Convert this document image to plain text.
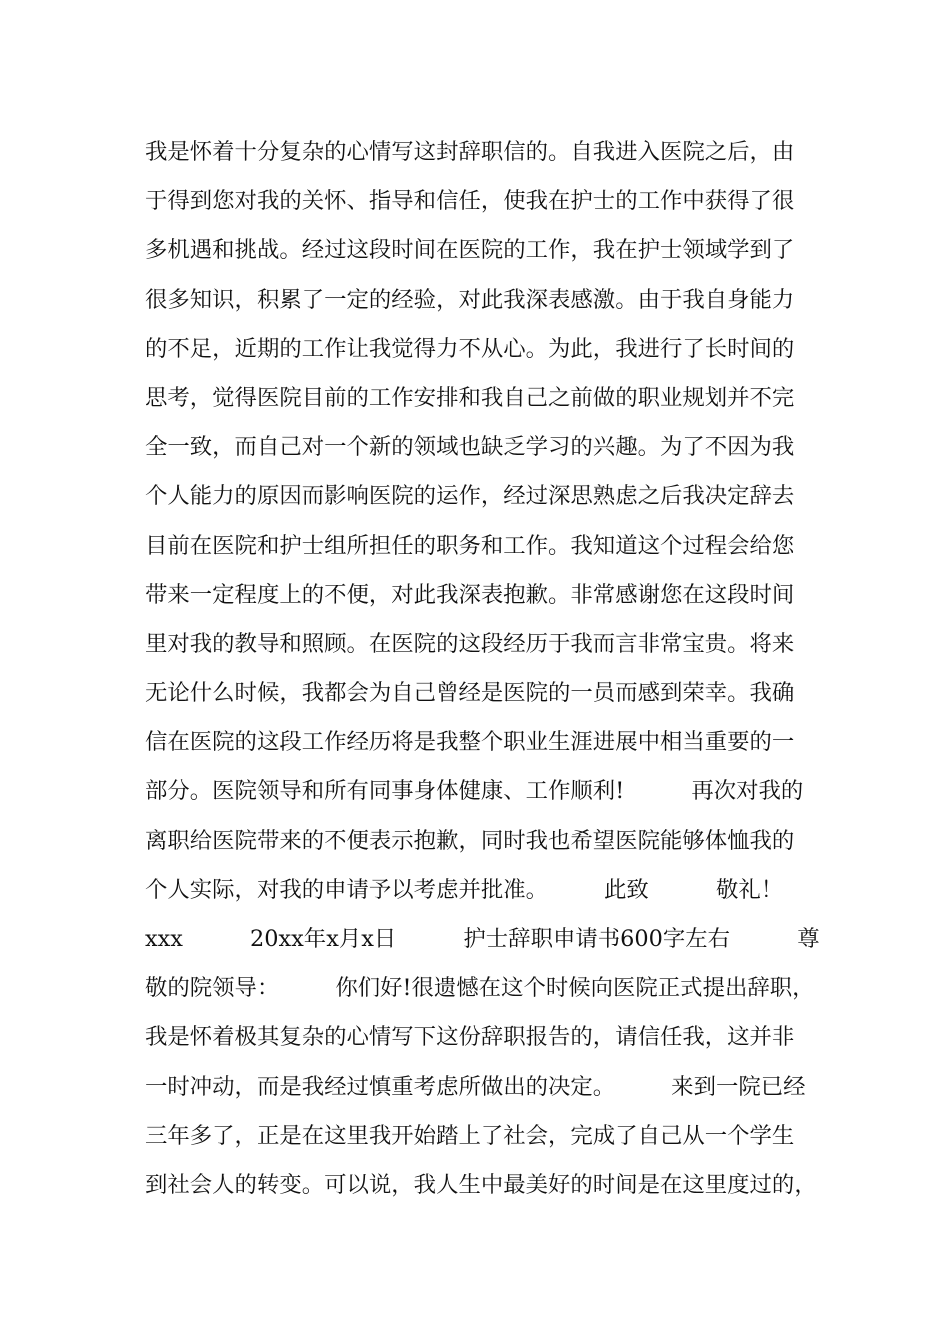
我是怀着十分复杂的心情写这封辞职信的。自我进入医院之后，由
于得到您对我的关怀、指导和信任，使我在护士的工作中获得了很
多机遇和挑战。经过这段时间在医院的工作，我在护士领域学到了
很多知识，积累了一定的经验，对此我深表感激。由于我自身能力
的不足，近期的工作让我觉得力不从心。为此，我进行了长时间的
思考，觉得医院目前的工作安排和我自己之前做的职业规划并不完
全一致，而自己对一个新的领域也缺乏学习的兴趣。为了不因为我
个人能力的原因而影响医院的运作，经过深思熟虑之后我决定辞去
目前在医院和护士组所担任的职务和工作。我知道这个过程会给您
带来一定程度上的不便，对此我深表抱歉。非常感谢您在这段时间
里对我的教导和照顾。在医院的这段经历于我而言非常宝贵。将来
无论什么时候，我都会为自己曾经是医院的一员而感到荣幸。我确
信在医院的这段工作经历将是我整个职业生涯进展中相当重要的一
部分。医院领导和所有同事身体健康、工作顺利!　　　再次对我的
离职给医院带来的不便表示抱歉，同时我也希望医院能够体恤我的
个人实际，对我的申请予以考虑并批准。　　　此致　　　敬礼！
xxx　　　20xx年x月x日　　　护士辞职申请书600字左右　　　尊
敬的院领导：　　　你们好!很遗憾在这个时候向医院正式提出辞职，
我是怀着极其复杂的心情写下这份辞职报告的，请信任我，这并非
一时冲动，而是我经过慎重考虑所做出的决定。　　　来到一院已经
三年多了，正是在这里我开始踏上了社会，完成了自己从一个学生
到社会人的转变。可以说，我人生中最美好的时间是在这里度过的，
